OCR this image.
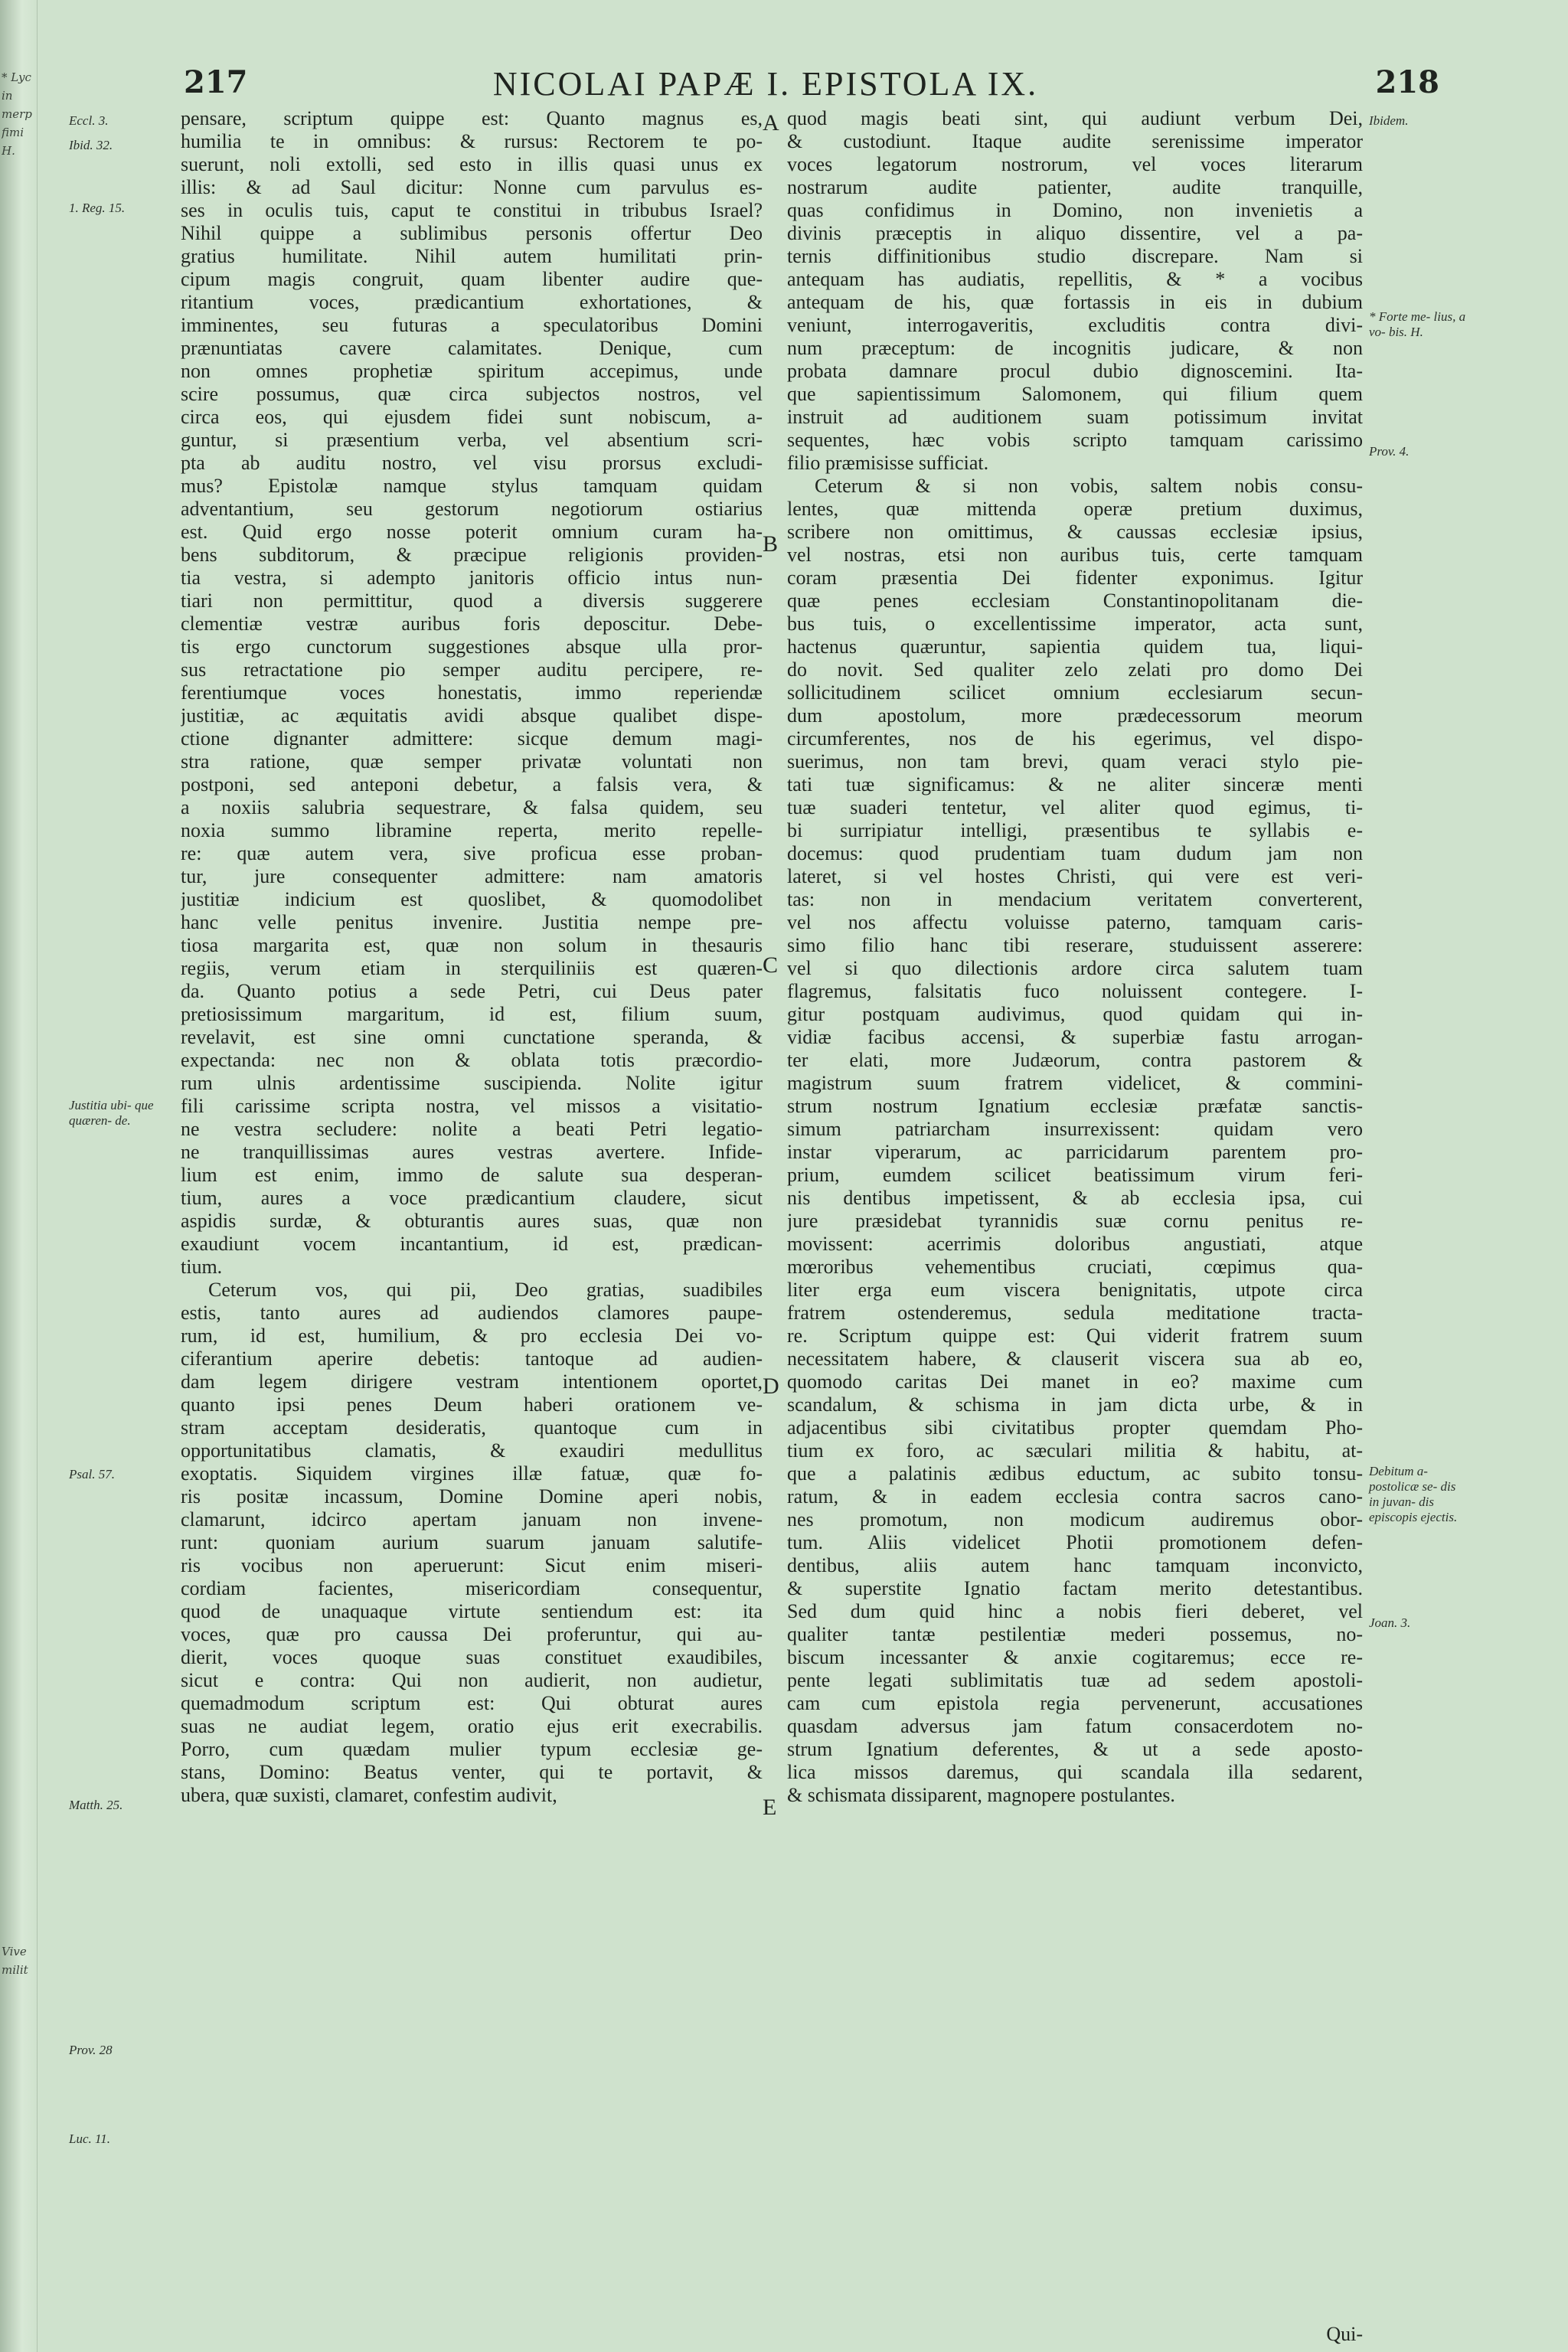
* Lyc
in
merp
fimi
H.
Vive
milit
217	NICOLAI PAPÆ I. EPISTOLA IX.	218
Eccl. 3.
Ibid. 32.
1. Reg. 15.
Justitia ubi- que quæren- de.
Psal. 57.
Matth. 25.
Prov. 28
Luc. 11.
Ibidem.
* Forte me- lius, a vo- bis. H.
Prov. 4.
Debitum a- postolicæ se- dis in juvan- dis episcopis ejectis.
Joan. 3.
A
B
C
D
E
pensare, scriptum quippe est: Quanto magnus es,
humilia te in omnibus: & rursus: Rectorem te po-
suerunt, noli extolli, sed esto in illis quasi unus ex
illis: & ad Saul dicitur: Nonne cum parvulus es-
ses in oculis tuis, caput te constitui in tribubus Israel?
Nihil quippe a sublimibus personis offertur Deo
gratius humilitate. Nihil autem humilitati prin-
cipum magis congruit, quam libenter audire que-
ritantium voces, prædicantium exhortationes, &
imminentes, seu futuras a speculatoribus Domini
prænuntiatas cavere calamitates. Denique, cum
non omnes prophetiæ spiritum accepimus, unde
scire possumus, quæ circa subjectos nostros, vel
circa eos, qui ejusdem fidei sunt nobiscum, a-
guntur, si præsentium verba, vel absentium scri-
pta ab auditu nostro, vel visu prorsus excludi-
mus? Epistolæ namque stylus tamquam quidam
adventantium, seu gestorum negotiorum ostiarius
est. Quid ergo nosse poterit omnium curam ha-
bens subditorum, & præcipue religionis providen-
tia vestra, si adempto janitoris officio intus nun-
tiari non permittitur, quod a diversis suggerere
clementiæ vestræ auribus foris deposcitur. Debe-
tis ergo cunctorum suggestiones absque ulla pror-
sus retractatione pio semper auditu percipere, re-
ferentiumque voces honestatis, immo reperiendæ
justitiæ, ac æquitatis avidi absque qualibet dispe-
ctione dignanter admittere: sicque demum magi-
stra ratione, quæ semper privatæ voluntati non
postponi, sed anteponi debetur, a falsis vera, &
a noxiis salubria sequestrare, & falsa quidem, seu
noxia summo libramine reperta, merito repelle-
re: quæ autem vera, sive proficua esse proban-
tur, jure consequenter admittere: nam amatoris
justitiæ indicium est quoslibet, & quomodolibet
hanc velle penitus invenire. Justitia nempe pre-
tiosa margarita est, quæ non solum in thesauris
regiis, verum etiam in sterquiliniis est quæren-
da. Quanto potius a sede Petri, cui Deus pater
pretiosissimum margaritum, id est, filium suum,
revelavit, est sine omni cunctatione speranda, &
expectanda: nec non & oblata totis præcordio-
rum ulnis ardentissime suscipienda. Nolite igitur
fili carissime scripta nostra, vel missos a visitatio-
ne vestra secludere: nolite a beati Petri legatio-
ne tranquillissimas aures vestras avertere. Infide-
lium est enim, immo de salute sua desperan-
tium, aures a voce prædicantium claudere, sicut
aspidis surdæ, & obturantis aures suas, quæ non
exaudiunt vocem incantantium, id est, prædican-
tium.
Ceterum vos, qui pii, Deo gratias, suadibiles
estis, tanto aures ad audiendos clamores paupe-
rum, id est, humilium, & pro ecclesia Dei vo-
ciferantium aperire debetis: tantoque ad audien-
dam legem dirigere vestram intentionem oportet,
quanto ipsi penes Deum haberi orationem ve-
stram acceptam desideratis, quantoque cum in
opportunitatibus clamatis, & exaudiri medullitus
exoptatis. Siquidem virgines illæ fatuæ, quæ fo-
ris positæ incassum, Domine Domine aperi nobis,
clamarunt, idcirco apertam januam non invene-
runt: quoniam aurium suarum januam salutife-
ris vocibus non aperuerunt: Sicut enim miseri-
cordiam facientes, misericordiam consequentur,
quod de unaquaque virtute sentiendum est: ita
voces, quæ pro caussa Dei proferuntur, qui au-
dierit, voces quoque suas constituet exaudibiles,
sicut e contra: Qui non audierit, non audietur,
quemadmodum scriptum est: Qui obturat aures
suas ne audiat legem, oratio ejus erit execrabilis.
Porro, cum quædam mulier typum ecclesiæ ge-
stans, Domino: Beatus venter, qui te portavit, &
ubera, quæ suxisti, clamaret, confestim audivit,
quod magis beati sint, qui audiunt verbum Dei,
& custodiunt. Itaque audite serenissime imperator
voces legatorum nostrorum, vel voces literarum
nostrarum audite patienter, audite tranquille,
quas confidimus in Domino, non invenietis a
divinis præceptis in aliquo dissentire, vel a pa-
ternis diffinitionibus studio discrepare. Nam si
antequam has audiatis, repellitis, & * a vocibus
antequam de his, quæ fortassis in eis in dubium
veniunt, interrogaveritis, excluditis contra divi-
num præceptum: de incognitis judicare, & non
probata damnare procul dubio dignoscemini. Ita-
que sapientissimum Salomonem, qui filium quem
instruit ad auditionem suam potissimum invitat
sequentes, hæc vobis scripto tamquam carissimo
filio præmisisse sufficiat.
Ceterum & si non vobis, saltem nobis consu-
lentes, quæ mittenda operæ pretium duximus,
scribere non omittimus, & caussas ecclesiæ ipsius,
vel nostras, etsi non auribus tuis, certe tamquam
coram præsentia Dei fidenter exponimus. Igitur
quæ penes ecclesiam Constantinopolitanam die-
bus tuis, o excellentissime imperator, acta sunt,
hactenus quæruntur, sapientia quidem tua, liqui-
do novit. Sed qualiter zelo zelati pro domo Dei
sollicitudinem scilicet omnium ecclesiarum secun-
dum apostolum, more prædecessorum meorum
circumferentes, nos de his egerimus, vel dispo-
suerimus, non tam brevi, quam veraci stylo pie-
tati tuæ significamus: & ne aliter sinceræ menti
tuæ suaderi tentetur, vel aliter quod egimus, ti-
bi surripiatur intelligi, præsentibus te syllabis e-
docemus: quod prudentiam tuam dudum jam non
lateret, si vel hostes Christi, qui vere est veri-
tas: non in mendacium veritatem converterent,
vel nos affectu voluisse paterno, tamquam caris-
simo filio hanc tibi reserare, studuissent asserere:
vel si quo dilectionis ardore circa salutem tuam
flagremus, falsitatis fuco noluissent contegere. I-
gitur postquam audivimus, quod quidam qui in-
vidiæ facibus accensi, & superbiæ fastu arrogan-
ter elati, more Judæorum, contra pastorem &
magistrum suum fratrem videlicet, & commini-
strum nostrum Ignatium ecclesiæ præfatæ sanctis-
simum patriarcham insurrexissent: quidam vero
instar viperarum, ac parricidarum parentem pro-
prium, eumdem scilicet beatissimum virum feri-
nis dentibus impetissent, & ab ecclesia ipsa, cui
jure præsidebat tyrannidis suæ cornu penitus re-
movissent: acerrimis doloribus angustiati, atque
mœroribus vehementibus cruciati, cœpimus qua-
liter erga eum viscera benignitatis, utpote circa
fratrem ostenderemus, sedula meditatione tracta-
re. Scriptum quippe est: Qui viderit fratrem suum
necessitatem habere, & clauserit viscera sua ab eo,
quomodo caritas Dei manet in eo? maxime cum
scandalum, & schisma in jam dicta urbe, & in
adjacentibus sibi civitatibus propter quemdam Pho-
tium ex foro, ac sæculari militia & habitu, at-
que a palatinis ædibus eductum, ac subito tonsu-
ratum, & in eadem ecclesia contra sacros cano-
nes promotum, non modicum audiremus obor-
tum. Aliis videlicet Photii promotionem defen-
dentibus, aliis autem hanc tamquam inconvicto,
& superstite Ignatio factam merito detestantibus.
Sed dum quid hinc a nobis fieri deberet, vel
qualiter tantæ pestilentiæ mederi possemus, no-
biscum incessanter & anxie cogitaremus; ecce re-
pente legati sublimitatis tuæ ad sedem apostoli-
cam cum epistola regia pervenerunt, accusationes
quasdam adversus jam fatum consacerdotem no-
strum Ignatium deferentes, & ut a sede aposto-
lica missos daremus, qui scandala illa sedarent,
& schismata dissiparent, magnopere postulantes.
Qui-
